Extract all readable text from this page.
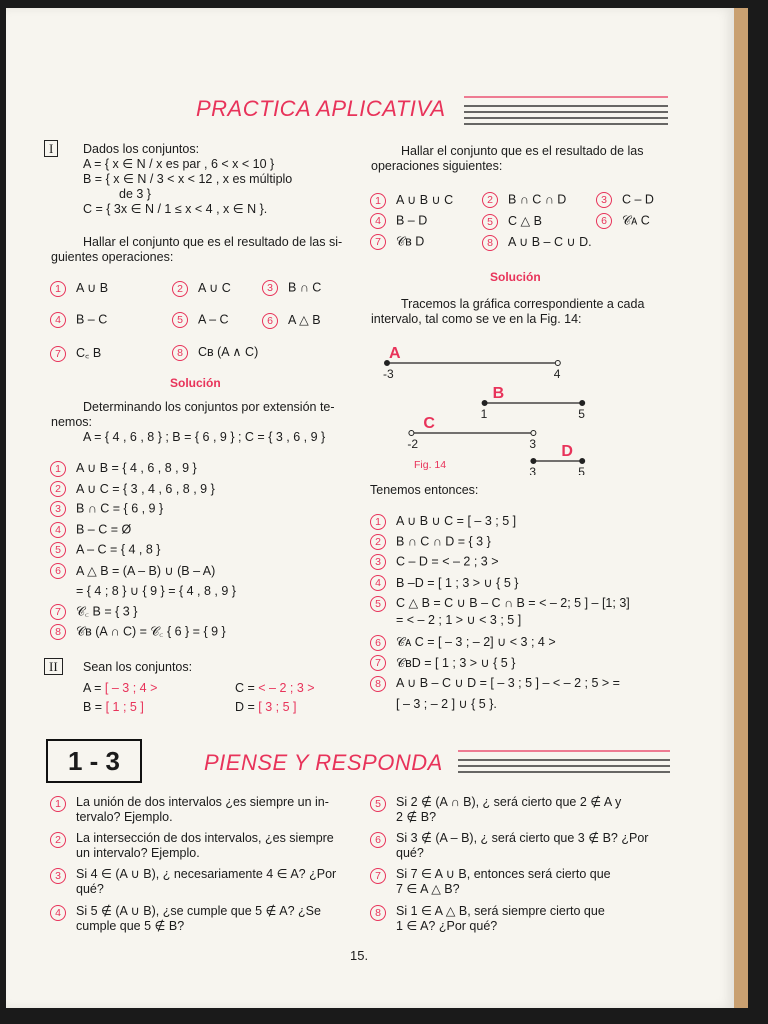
PRACTICA APLICATIVA
I	Dados los conjuntos:
A = { x ∈ N / x es par , 6 < x < 10 }
B = { x ∈ N / 3 < x < 12 , x es múltiplo
de 3 }
C = { 3x ∈ N / 1 ≤ x < 4 , x ∈ N }.
Hallar el conjunto que es el resultado de las si-
guientes operaciones:
1 A ∪ B	2 A ∪ C	3 B ∩ C
4 B – C	5 A – C	6 A △ B
7 C꜀ B	8 Cʙ (A ∧ C)
Solución
Determinando los conjuntos por extensión te-
nemos:
A = { 4 , 6 , 8 } ; B = { 6 , 9 } ; C = { 3 , 6 , 9 }
1 A ∪ B = { 4 , 6 , 8 , 9 }
2 A ∪ C = { 3 , 4 , 6 , 8 , 9 }
3 B ∩ C = { 6 , 9 }
4 B – C = Ø
5 A – C = { 4 , 8 }
6 A △ B = (A – B) ∪ (B – A)
= { 4 ; 8 } ∪ { 9 } = { 4 , 8 , 9 }
7 𝒞꜀ B = { 3 }
8 𝒞ʙ (A ∩ C) = 𝒞꜀ { 6 } = { 9 }
II	Sean los conjuntos:
A = [ – 3 ; 4 >	C = < – 2 ; 3 >
B = [ 1 ; 5 ]	D = [ 3 ; 5 ]
Hallar el conjunto que es el resultado de las
operaciones siguientes:
1 A ∪ B ∪ C	2 B ∩ C ∩ D	3 C – D
4 B – D	5 C △ B	6 𝒞ᴀ C
7 𝒞ʙ D	8 A ∪ B – C ∪ D.
Solución
Tracemos la gráfica correspondiente a cada
intervalo, tal como se ve en la Fig. 14:
A
-3	4
B
1	5
C
-2	3 D
3	5
Fig. 14
Tenemos entonces:
1 A ∪ B ∪ C = [ – 3 ; 5 ]
2 B ∩ C ∩ D = { 3 }
3 C – D = < – 2 ; 3 >
4 B –D = [ 1 ; 3 > ∪ { 5 }
5 C △ B = C ∪ B – C ∩ B = < – 2; 5 ] – [1; 3]
= < – 2 ; 1 > ∪ < 3 ; 5 ]
6 𝒞ᴀ C = [ – 3 ; – 2] ∪ < 3 ; 4 >
7 𝒞ʙD = [ 1 ; 3 > ∪ { 5 }
8 A ∪ B – C ∪ D = [ – 3 ; 5 ] – < – 2 ; 5 > =
[ – 3 ; – 2 ] ∪ { 5 }.
1 - 3	PIENSE Y RESPONDA
1 La unión de dos intervalos ¿es siempre un in-
tervalo? Ejemplo.
2 La intersección de dos intervalos, ¿es siempre
un intervalo? Ejemplo.
3 Si 4 ∈ (A ∪ B), ¿ necesariamente 4 ∈ A? ¿Por
qué?
4 Si 5 ∉ (A ∪ B), ¿se cumple que 5 ∉ A? ¿Se
cumple que 5 ∉ B?
5 Si 2 ∉ (A ∩ B), ¿ será cierto que 2 ∉ A y
2 ∉ B?
6 Si 3 ∉ (A – B), ¿ será cierto que 3 ∉ B? ¿Por
qué?
7 Si 7 ∈ A ∪ B, entonces será cierto que
7 ∈ A △ B?
8 Si 1 ∈ A △ B, será siempre cierto que
1 ∈ A? ¿Por qué?
15.
